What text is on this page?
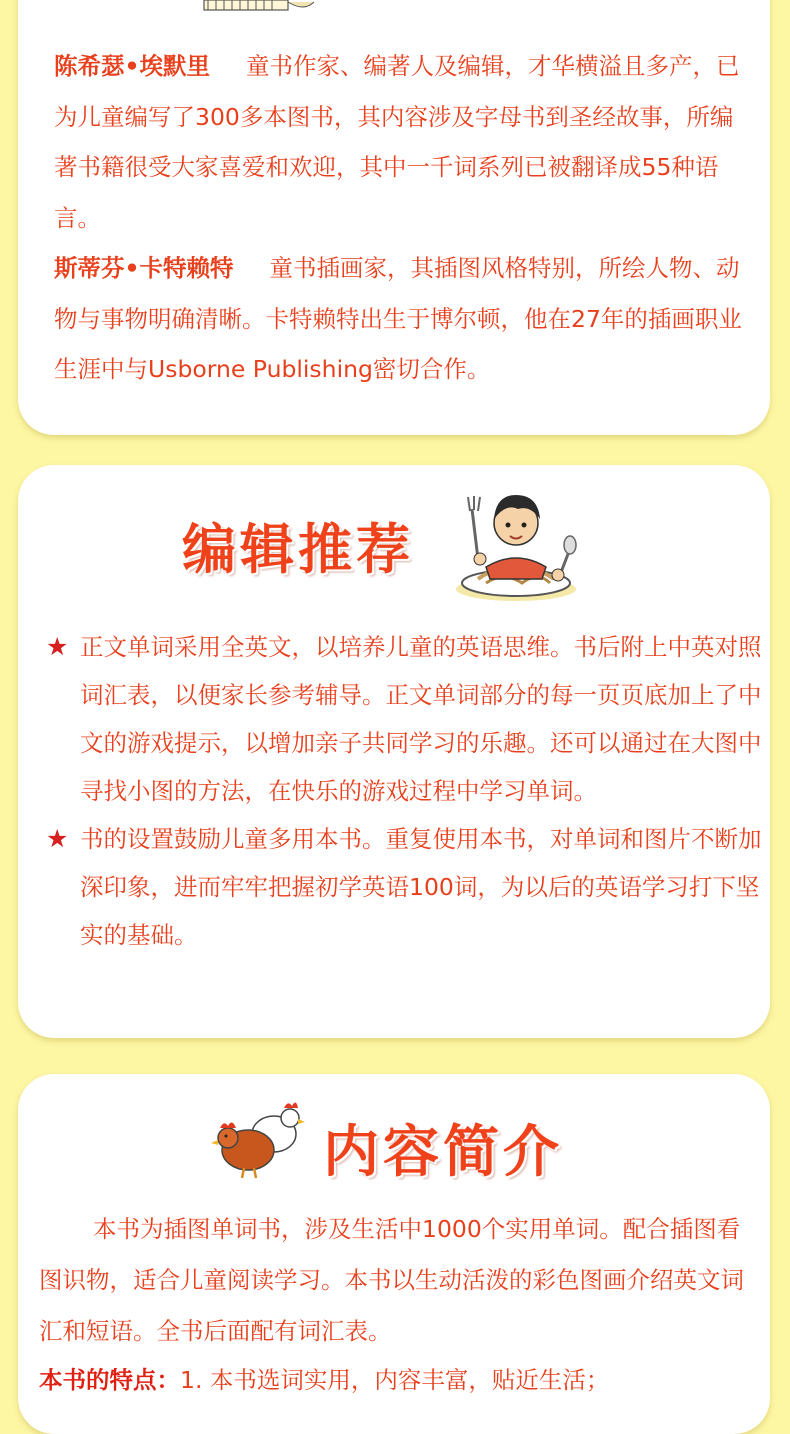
陈希瑟•埃默里 童书作家、编著人及编辑，才华横溢且多产，已为儿童编写了300多本图书，其内容涉及字母书到圣经故事，所编著书籍很受大家喜爱和欢迎，其中一千词系列已被翻译成55种语言。

斯蒂芬•卡特赖特 童书插画家，其插图风格特别，所绘人物、动物与事物明确清晰。卡特赖特出生于博尔顿，他在27年的插画职业生涯中与Usborne Publishing密切合作。

编辑推荐
★ 正文单词采用全英文，以培养儿童的英语思维。书后附上中英对照词汇表，以便家长参考辅导。正文单词部分的每一页页底加上了中文的游戏提示，以增加亲子共同学习的乐趣。还可以通过在大图中寻找小图的方法，在快乐的游戏过程中学习单词。
★ 书的设置鼓励儿童多用本书。重复使用本书，对单词和图片不断加深印象，进而牢牢把握初学英语100词，为以后的英语学习打下坚实的基础。
内容简介

本书为插图单词书，涉及生活中1000个实用单词。配合插图看图识物，适合儿童阅读学习。本书以生动活泼的彩色图画介绍英文词汇和短语。全书后面配有词汇表。

本书的特点：1. 本书选词实用，内容丰富，贴近生活；
